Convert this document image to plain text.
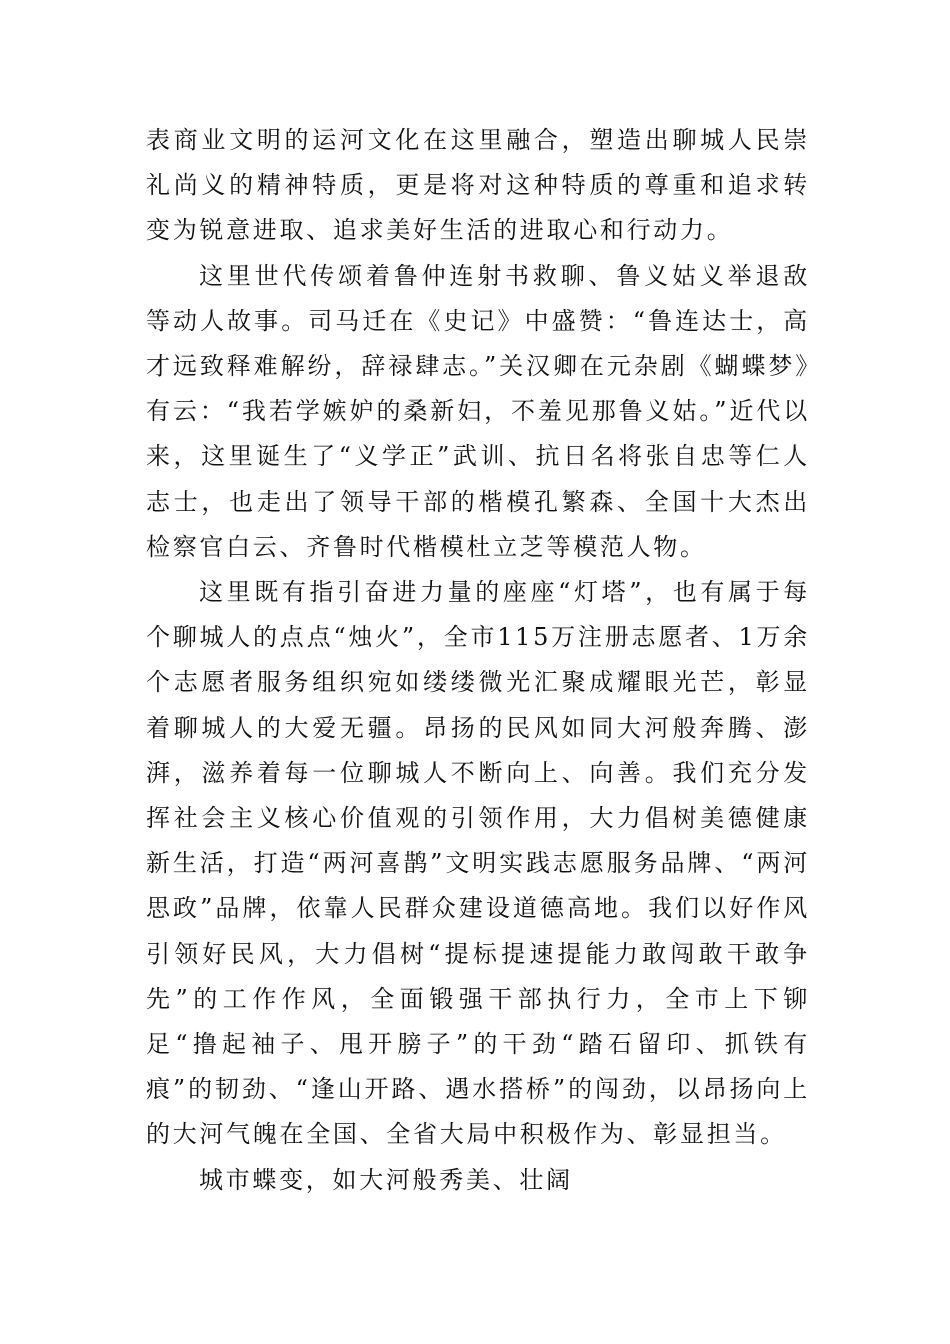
表商业文明的运河文化在这里融合，塑造出聊城人民崇礼尚义的精神特质，更是将对这种特质的尊重和追求转变为锐意进取、追求美好生活的进取心和行动力。

这里世代传颂着鲁仲连射书救聊、鲁义姑义举退敌等动人故事。司马迁在《史记》中盛赞：“鲁连达士，高才远致释难解纷，辞禄肆志。”关汉卿在元杂剧《蝴蝶梦》有云：“我若学嫉妒的桑新妇，不羞见那鲁义姑。”近代以来，这里诞生了“义学正”武训、抗日名将张自忠等仁人志士，也走出了领导干部的楷模孔繁森、全国十大杰出检察官白云、齐鲁时代楷模杜立芝等模范人物。

这里既有指引奋进力量的座座“灯塔”，也有属于每个聊城人的点点“烛火”，全市115万注册志愿者、1万余个志愿者服务组织宛如缕缕微光汇聚成耀眼光芒，彰显着聊城人的大爱无疆。昂扬的民风如同大河般奔腾、澎湃，滋养着每一位聊城人不断向上、向善。我们充分发挥社会主义核心价值观的引领作用，大力倡树美德健康新生活，打造“两河喜鹊”文明实践志愿服务品牌、“两河思政”品牌，依靠人民群众建设道德高地。我们以好作风引领好民风，大力倡树“提标提速提能力敢闯敢干敢争先”的工作作风，全面锻强干部执行力，全市上下铆足“撸起袖子、甩开膀子”的干劲“踏石留印、抓铁有痕”的韧劲、“逢山开路、遇水搭桥”的闯劲，以昂扬向上的大河气魄在全国、全省大局中积极作为、彰显担当。

城市蝶变，如大河般秀美、壮阔
